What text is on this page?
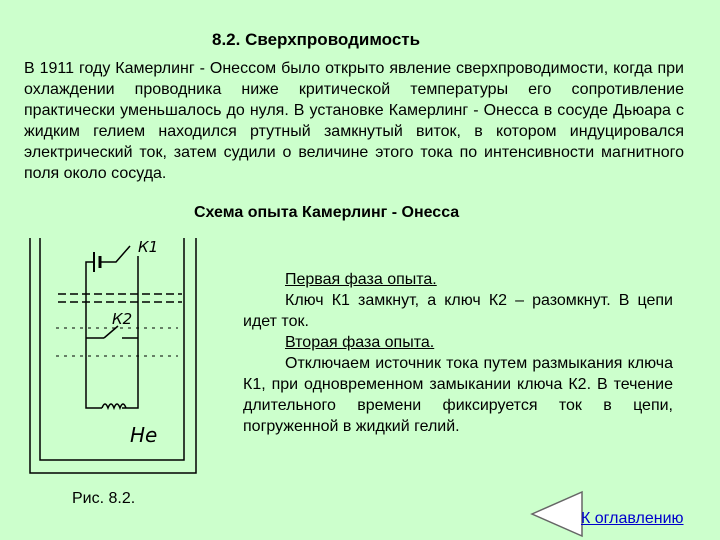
8.2. Сверхпроводимость

В 1911 году Камерлинг - Онессом было открыто явление сверхпроводимости, когда при охлаждении проводника ниже критической температуры его сопротивление практически уменьшалось до нуля. В установке Камерлинг - Онесса в сосуде Дьюара с жидким гелием находился ртутный замкнутый виток, в котором индуцировался электрический ток, затем судили о величине этого тока по интенсивности магнитного поля около сосуда.

Схема опыта Камерлинг - Онесса

К1
К2
Не

Первая фаза опыта.

Ключ К1 замкнут, а ключ К2 – разомкнут. В цепи идет ток.

Вторая фаза опыта.

Отключаем источник тока путем размыкания ключа К1, при одновременном замыкании ключа К2. В течение длительного времени фиксируется ток в цепи, погруженной в жидкий гелий.

Рис. 8.2.

К оглавлению
